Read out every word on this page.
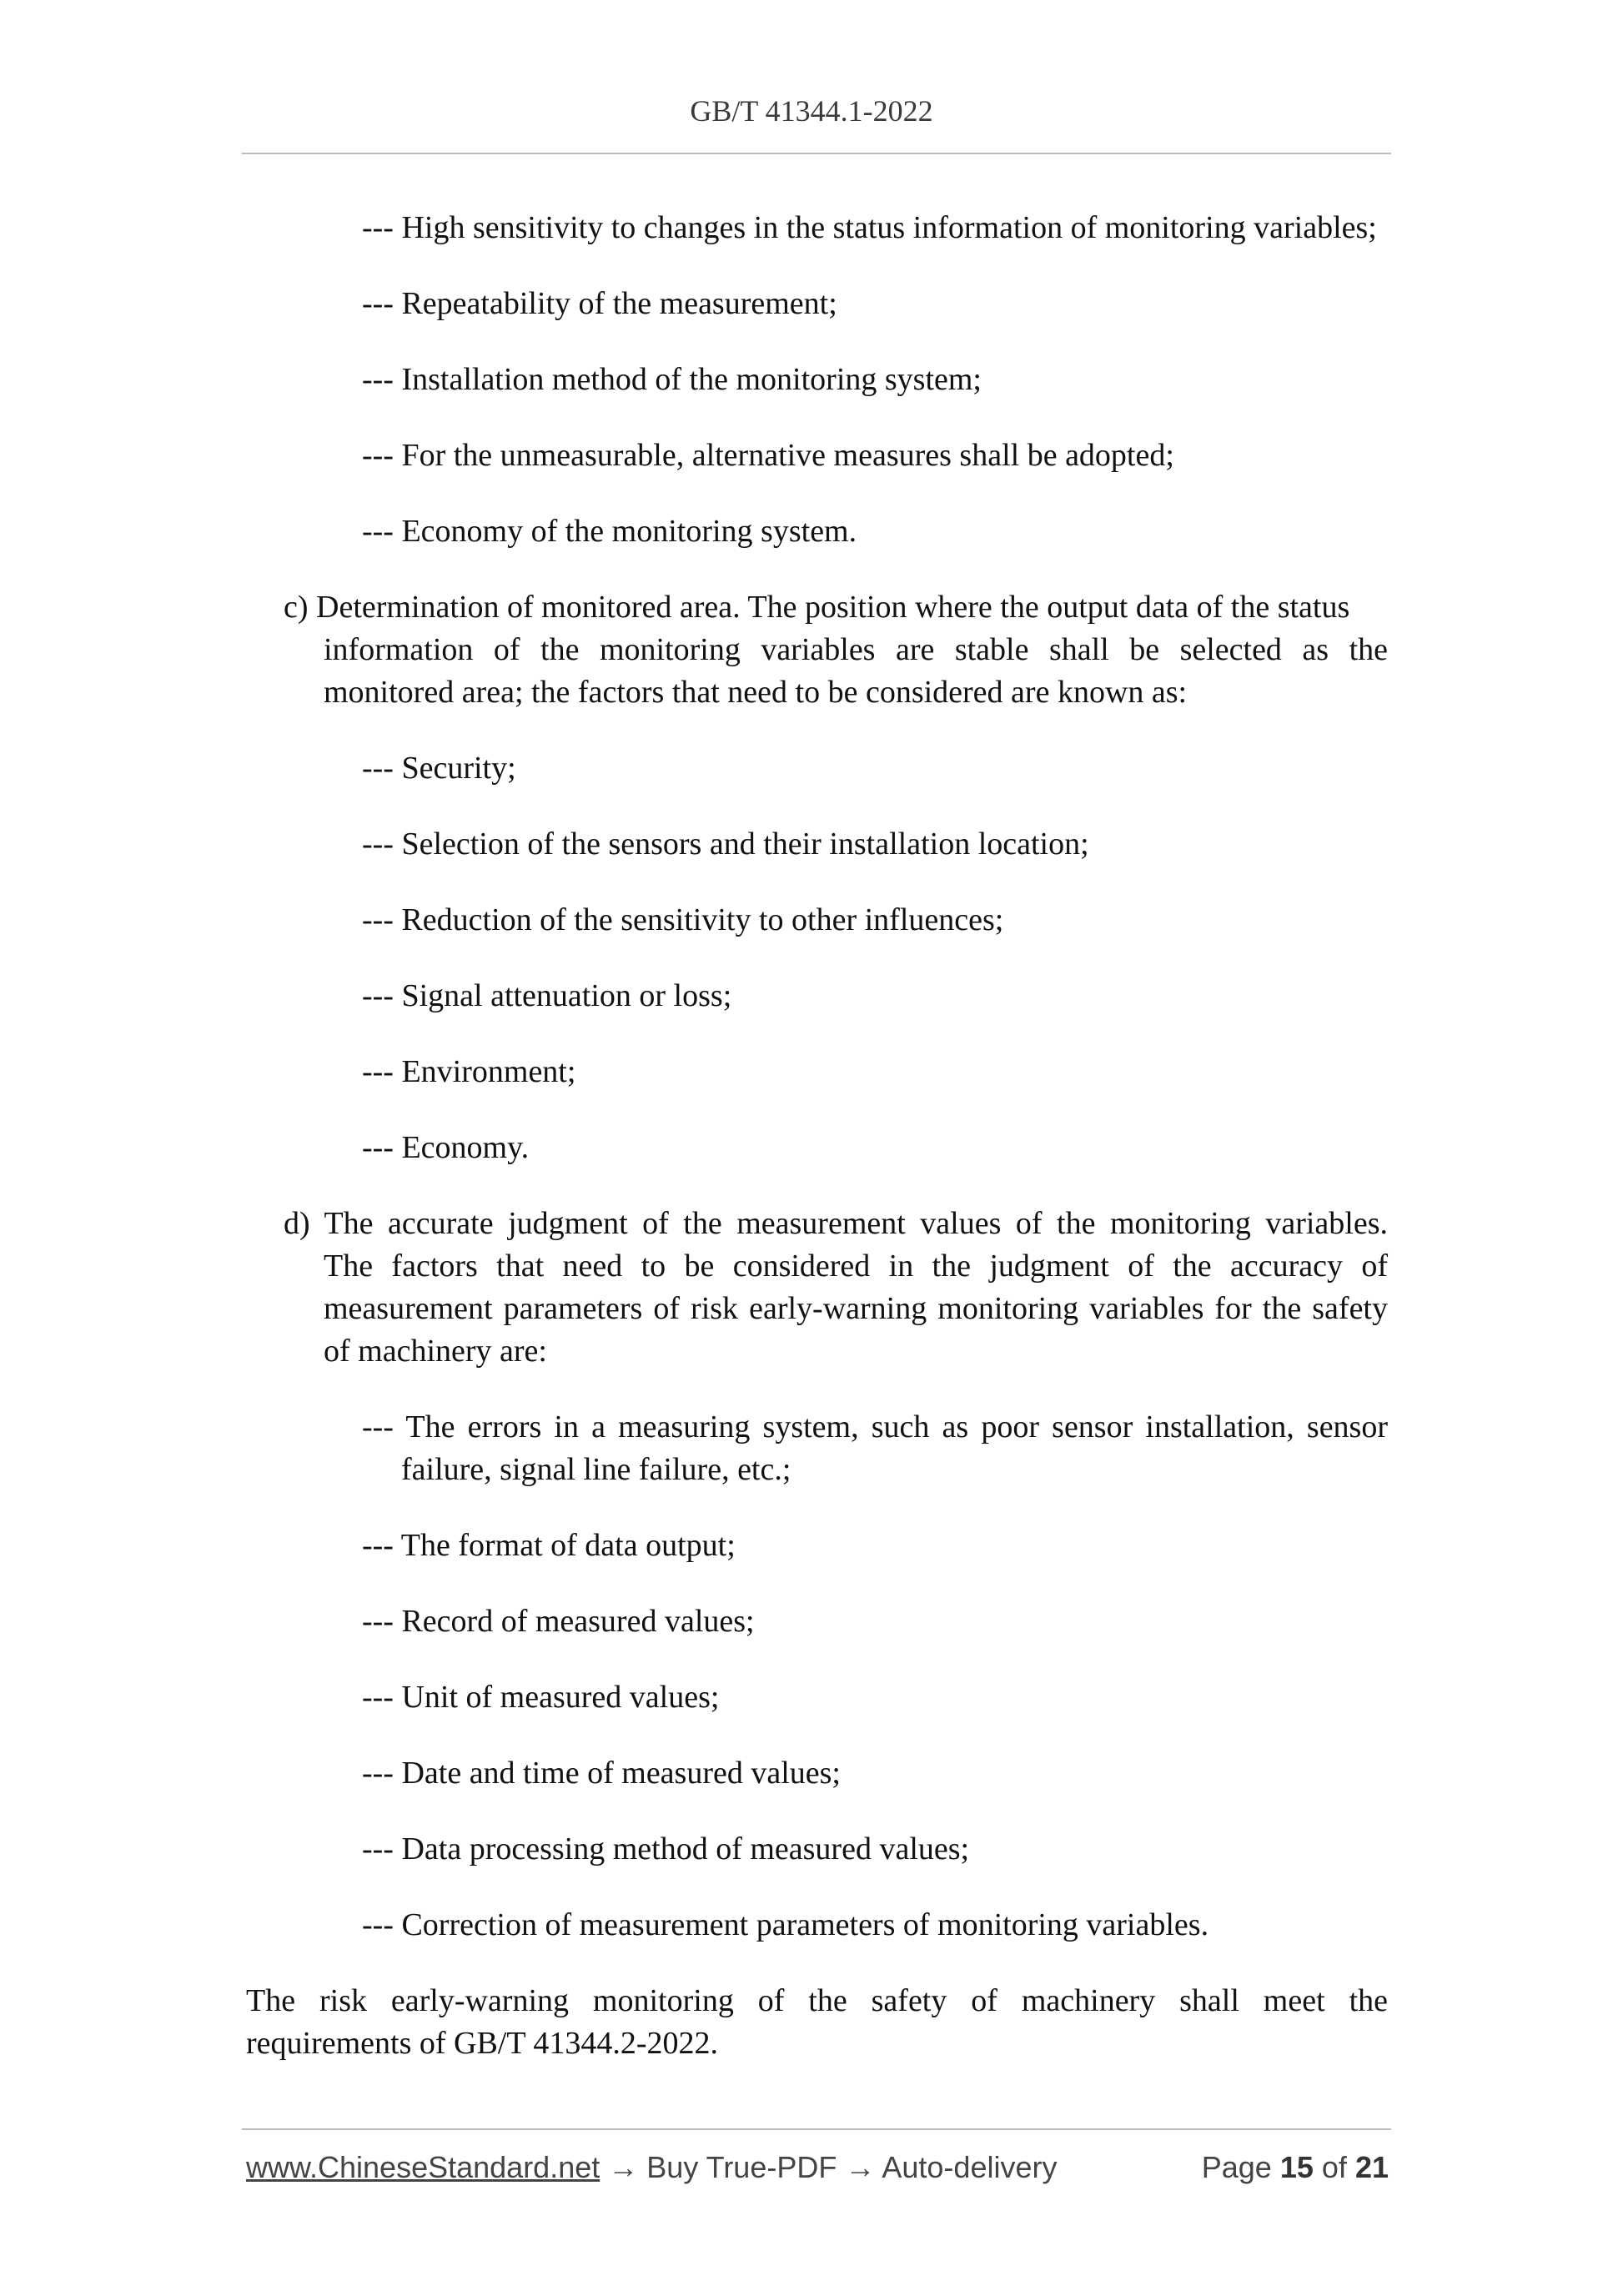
GB/T 41344.1-2022
--- High sensitivity to changes in the status information of monitoring variables;
--- Repeatability of the measurement;
--- Installation method of the monitoring system;
--- For the unmeasurable, alternative measures shall be adopted;
--- Economy of the monitoring system.
c) Determination of monitored area. The position where the output data of the status
information of the monitoring variables are stable shall be selected as the
monitored area; the factors that need to be considered are known as:
--- Security;
--- Selection of the sensors and their installation location;
--- Reduction of the sensitivity to other influences;
--- Signal attenuation or loss;
--- Environment;
--- Economy.
d) The accurate judgment of the measurement values of the monitoring variables.
The factors that need to be considered in the judgment of the accuracy of
measurement parameters of risk early-warning monitoring variables for the safety
of machinery are:
--- The errors in a measuring system, such as poor sensor installation, sensor
failure, signal line failure, etc.;
--- The format of data output;
--- Record of measured values;
--- Unit of measured values;
--- Date and time of measured values;
--- Data processing method of measured values;
--- Correction of measurement parameters of monitoring variables.
The risk early-warning monitoring of the safety of machinery shall meet the
requirements of GB/T 41344.2-2022.
www.ChineseStandard.net → Buy True-PDF → Auto-delivery	Page 15 of 21
